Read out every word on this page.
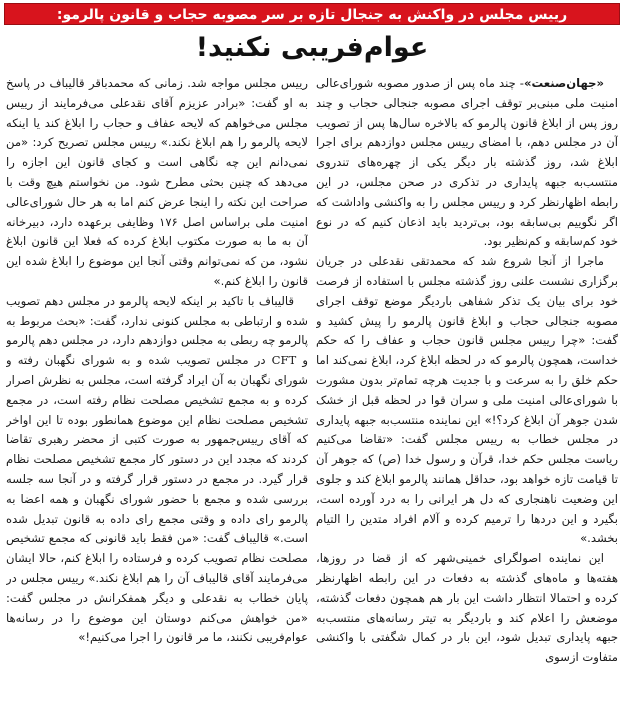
رییس مجلس در واکنش به جنجال تازه بر سر مصوبه حجاب و قانون پالرمو:
عوام‌فریبی نکنید!

«جهان‌صنعت»- چند ماه پس از صدور مصوبه شورای‌عالی امنیت ملی مبنی‌بر توقف اجرای مصوبه جنجالی حجاب و چند روز پس از ابلاغ قانون پالرمو که بالاخره سال‌ها پس از تصویب آن در مجلس دهم، با امضای رییس مجلس دوازدهم برای اجرا ابلاغ شد، روز گذشته بار دیگر یکی از چهره‌های تندروی منتسب‌به جبهه پایداری در تذکری در صحن مجلس، در این رابطه اظهارنظر کرد و رییس مجلس را به واکنشی واداشت که اگر نگوییم بی‌سابقه بود، بی‌تردید باید اذعان کنیم که در نوع خود کم‌سابقه و کم‌نظیر بود.

ماجرا از آنجا شروع شد که محمدتقی نقدعلی در جریان برگزاری نشست علنی روز گذشته مجلس با استفاده از فرصت خود برای بیان یک تذکر شفاهی باردیگر موضع توقف اجرای مصوبه جنجالی حجاب و ابلاغ قانون پالرمو را پیش کشید و گفت: «چرا رییس مجلس قانون حجاب و عفاف را که حکم خداست، همچون پالرمو که در لحظه ابلاغ کرد، ابلاغ نمی‌کند اما حکم خلق را به سرعت و با جدیت هرچه تمام‌تر بدون مشورت با شورای‌عالی امنیت ملی و سران قوا در لحظه قبل از خشک شدن جوهر آن ابلاغ کرد؟!» این نماینده منتسب‌به جبهه پایداری در مجلس خطاب به رییس مجلس گفت: «تقاضا می‌کنیم ریاست مجلس حکم خدا، قرآن و رسول خدا (ص) که جوهر آن تا قیامت تازه خواهد بود، حداقل همانند پالرمو ابلاغ کند و جلوی این وضعیت ناهنجاری که دل هر ایرانی را به درد آورده است، بگیرد و این دردها را ترمیم کرده و آلام افراد متدین را التیام بخشد.»

این نماینده اصولگرای خمینی‌شهر که از قضا در روزها، هفته‌ها و ماه‌های گذشته به دفعات در این رابطه اظهارنظر کرده و احتمالا انتظار داشت این بار هم همچون دفعات گذشته، موضعش را اعلام کند و باردیگر به تیتر رسانه‌های منتسب‌به جبهه پایداری تبدیل شود، این بار در کمال شگفتی با واکنشی متفاوت ازسوی

رییس مجلس مواجه شد. زمانی که محمدباقر قالیباف در پاسخ به او گفت: «برادر عزیزم آقای نقدعلی می‌فرمایند از رییس مجلس می‌خواهم که لایحه عفاف و حجاب را ابلاغ کند یا اینکه لایحه پالرمو را هم ابلاغ نکند.» رییس مجلس تصریح کرد: «من نمی‌دانم این چه نگاهی است و کجای قانون این اجازه را می‌دهد که چنین بحثی مطرح شود. من نخواستم هیچ وقت با صراحت این نکته را اینجا عرض کنم اما به هر حال شورای‌عالی امنیت ملی براساس اصل ۱۷۶ وظایفی برعهده دارد، دبیرخانه آن به ما به صورت مکتوب ابلاغ کرده که فعلا این قانون ابلاغ نشود، من که نمی‌توانم وقتی آنجا این موضوع را ابلاغ شده این قانون را ابلاغ کنم.»

قالیباف با تاکید بر اینکه لایحه پالرمو در مجلس دهم تصویب شده و ارتباطی به مجلس کنونی ندارد، گفت: «بحث مربوط به پالرمو چه ربطی به مجلس دوازدهم دارد، در مجلس دهم پالرمو و CFT در مجلس تصویب شده و به شورای نگهبان رفته و شورای نگهبان به آن ایراد گرفته است، مجلس به نظرش اصرار کرده و به مجمع تشخیص مصلحت نظام رفته است، در مجمع تشخیص مصلحت نظام این موضوع همانطور بوده تا این اواخر که آقای رییس‌جمهور به صورت کتبی از محضر رهبری تقاضا کردند که مجدد این در دستور کار مجمع تشخیص مصلحت نظام قرار گیرد. در مجمع در دستور قرار گرفته و در آنجا سه جلسه بررسی شده و مجمع با حضور شورای نگهبان و همه اعضا به پالرمو رای داده و وقتی مجمع رای داده به قانون تبدیل شده است.» قالیباف گفت: «من فقط باید قانونی که مجمع تشخیص مصلحت نظام تصویب کرده و فرستاده را ابلاغ کنم، حالا ایشان می‌فرمایند آقای قالیباف آن را هم ابلاغ نکند.» رییس مجلس در پایان خطاب به نقدعلی و دیگر همفکرانش در مجلس گفت: «من خواهش می‌کنم دوستان این موضوع را در رسانه‌ها عوام‌فریبی نکنند، ما مر قانون را اجرا می‌کنیم!»
